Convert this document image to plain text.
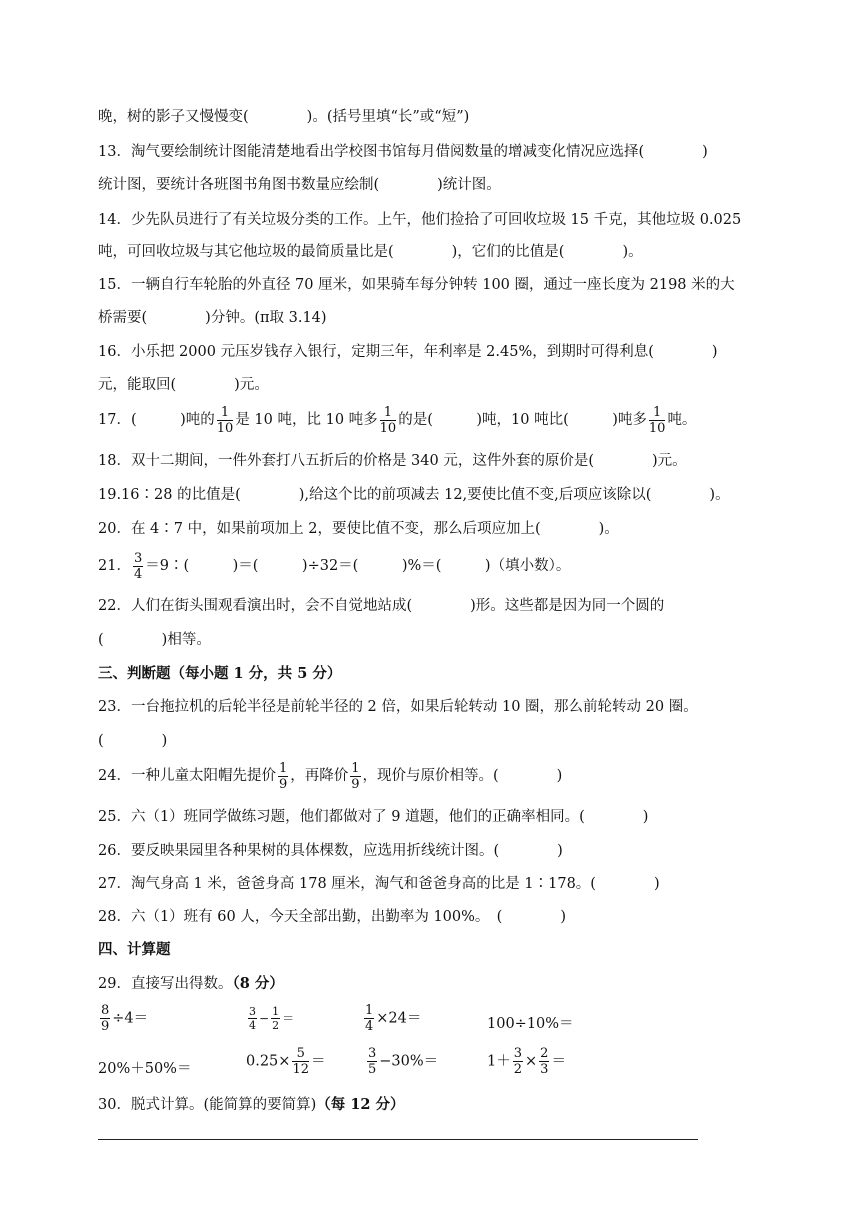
晚，树的影子又慢慢变(　　　　)。(括号里填“长”或“短”)
13．淘气要绘制统计图能清楚地看出学校图书馆每月借阅数量的增减变化情况应选择(　　　　)
统计图，要统计各班图书角图书数量应绘制(　　　　)统计图。
14．少先队员进行了有关垃圾分类的工作。上午，他们捡拾了可回收垃圾 15 千克，其他垃圾 0.025
吨，可回收垃圾与其它他垃圾的最简质量比是(　　　　)，它们的比值是(　　　　)。
15．一辆自行车轮胎的外直径 70 厘米，如果骑车每分钟转 100 圈，通过一座长度为 2198 米的大
桥需要(　　　　)分钟。(π取 3.14)
16．小乐把 2000 元压岁钱存入银行，定期三年，年利率是 2.45%，到期时可得利息(　　　　)
元，能取回(　　　　)元。
17．(　　　)吨的 $\frac{1}{10}$ 是 10 吨，比 10 吨多 $\frac{1}{10}$ 的是(　　　)吨，10 吨比(　　　)吨多 $\frac{1}{10}$ 吨。
18．双十二期间，一件外套打八五折后的价格是 340 元，这件外套的原价是(　　　　)元。
19.16∶28 的比值是(　　　　),给这个比的前项减去 12,要使比值不变,后项应该除以(　　　　)。
20．在 4∶7 中，如果前项加上 2，要使比值不变，那么后项应加上(　　　　)。
21． $\frac{3}{4}$ ＝9∶(　　　)＝(　　　)÷32＝(　　　)%＝(　　　)（填小数）。
22．人们在街头围观看演出时，会不自觉地站成(　　　　)形。这些都是因为同一个圆的
(　　　　)相等。
三、判断题（每小题 1 分，共 5 分）
23．一台拖拉机的后轮半径是前轮半径的 2 倍，如果后轮转动 10 圈，那么前轮转动 20 圈。
(　　　　)
24．一种儿童太阳帽先提价 $\frac{1}{9}$ ，再降价 $\frac{1}{9}$ ，现价与原价相等。(　　　　)
25．六（1）班同学做练习题，他们都做对了 9 道题，他们的正确率相同。(　　　　)
26．要反映果园里各种果树的具体棵数，应选用折线统计图。(　　　　)
27．淘气身高 1 米，爸爸身高 178 厘米，淘气和爸爸身高的比是 1∶178。(　　　　)
28．六（1）班有 60 人，今天全部出勤，出勤率为 100%。　(　　　　)
四、计算题
29．直接写出得数。（8 分）
$\frac{8}{9} \div 4=$	$\frac{3}{4} - \frac{1}{2}$ ＝	$\frac{1}{4} \times 24=$	100÷10%＝
20%＋50%＝	$0.25\times \frac{5}{12}$ ＝	$\frac{3}{5} -30\%=$	$1+ \frac{3}{2} \times \frac{2}{3}$ ＝
30．脱式计算。(能简算的要简算)（每 12 分）
